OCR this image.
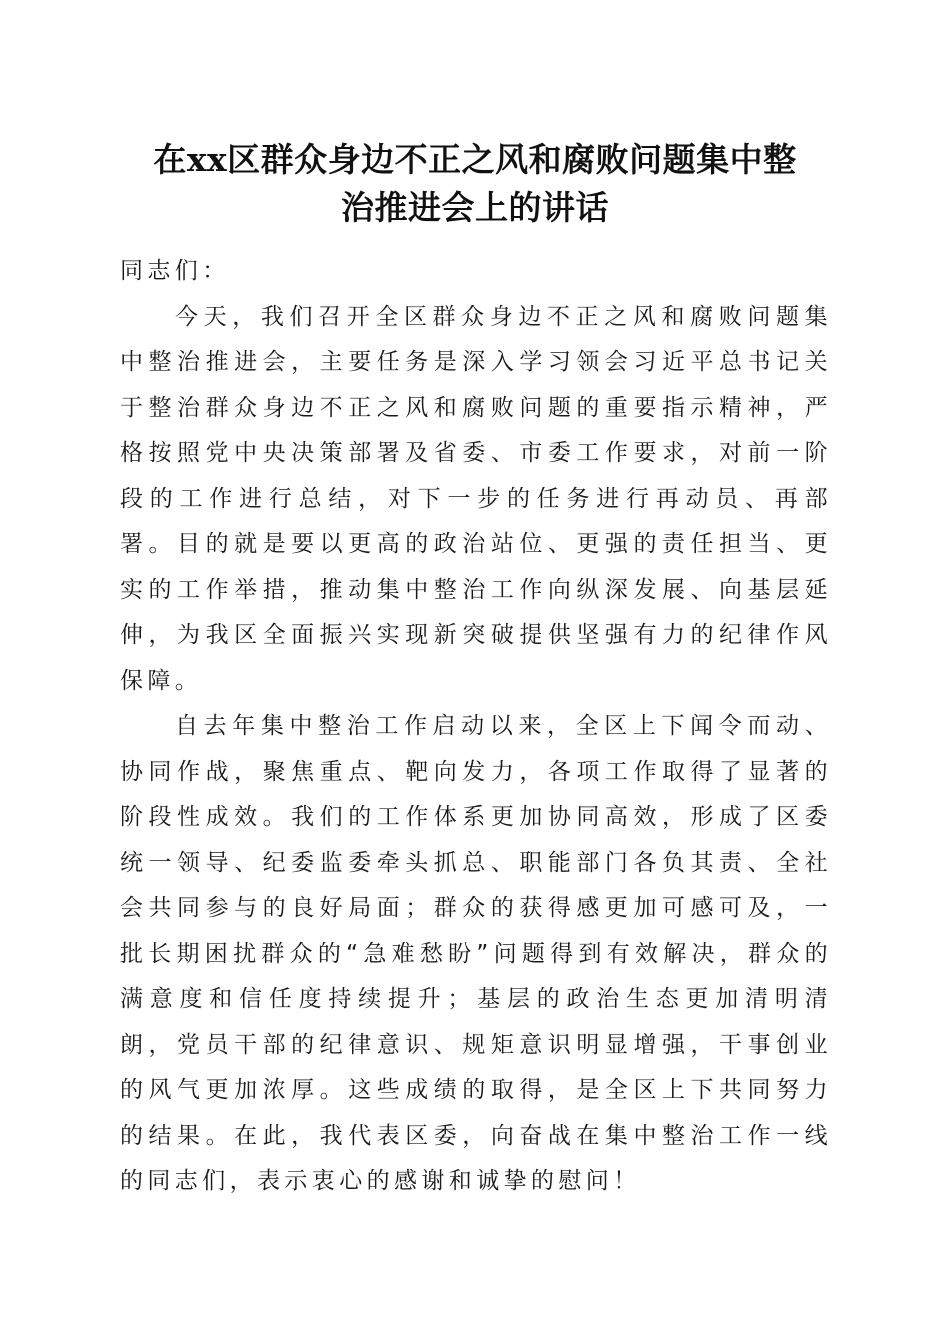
在xx区群众身边不正之风和腐败问题集中整
治推进会上的讲话

同志们：

今天，我们召开全区群众身边不正之风和腐败问题集中整治推进会，主要任务是深入学习领会习近平总书记关于整治群众身边不正之风和腐败问题的重要指示精神，严格按照党中央决策部署及省委、市委工作要求，对前一阶段的工作进行总结，对下一步的任务进行再动员、再部署。目的就是要以更高的政治站位、更强的责任担当、更实的工作举措，推动集中整治工作向纵深发展、向基层延伸，为我区全面振兴实现新突破提供坚强有力的纪律作风保障。

自去年集中整治工作启动以来，全区上下闻令而动、协同作战，聚焦重点、靶向发力，各项工作取得了显著的阶段性成效。我们的工作体系更加协同高效，形成了区委统一领导、纪委监委牵头抓总、职能部门各负其责、全社会共同参与的良好局面；群众的获得感更加可感可及，一批长期困扰群众的“急难愁盼”问题得到有效解决，群众的满意度和信任度持续提升；基层的政治生态更加清明清朗，党员干部的纪律意识、规矩意识明显增强，干事创业的风气更加浓厚。这些成绩的取得，是全区上下共同努力的结果。在此，我代表区委，向奋战在集中整治工作一线的同志们，表示衷心的感谢和诚挚的慰问！
